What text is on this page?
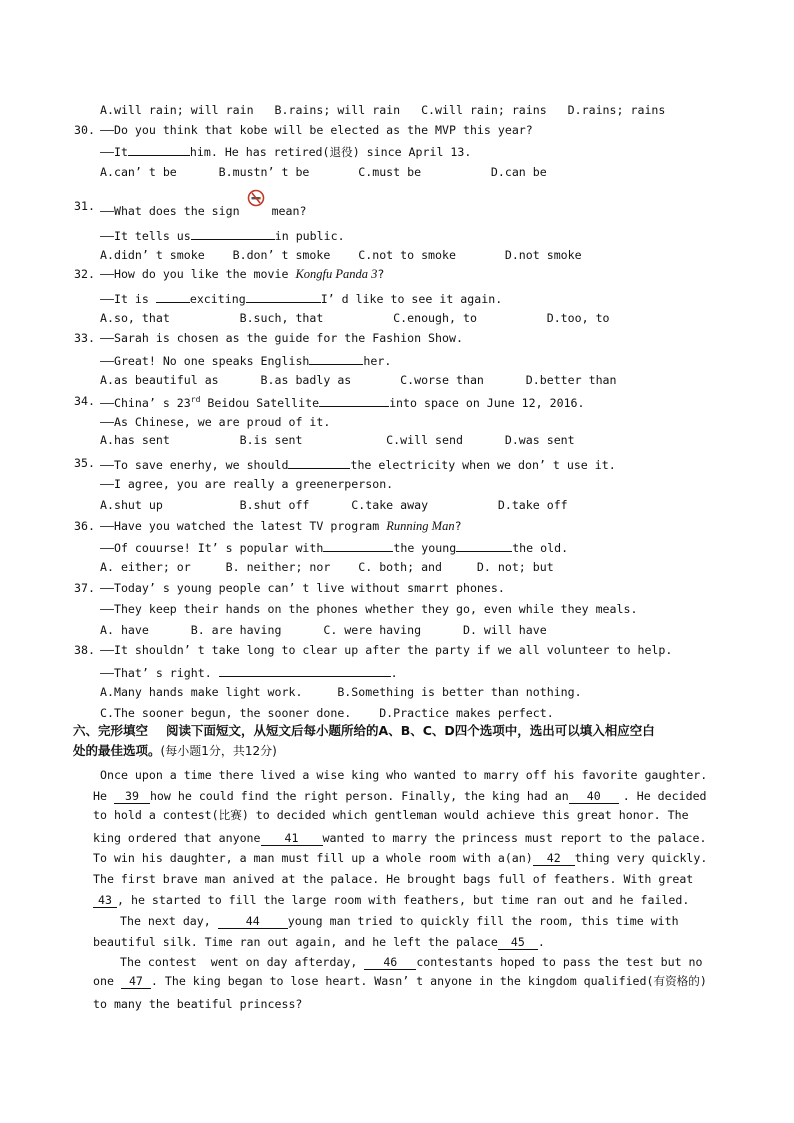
A.will rain; will rain   B.rains; will rain   C.will rain; rains   D.rains; rains
30. ——Do you think that kobe will be elected as the MVP this year?
——It	him. He has retired(退役) since April 13.
A.can’ t be      B.mustn’ t be       C.must be          D.can be
31. ——What does the sign  mean?
——It tells us	in public.
A.didn’ t smoke    B.don’ t smoke    C.not to smoke       D.not smoke
32. ——How do you like the movie Kongfu Panda 3?
——It is	exciting	I’ d like to see it again.
A.so, that          B.such, that          C.enough, to          D.too, to
33. ——Sarah is chosen as the guide for the Fashion Show.
——Great! No one speaks English	her.
A.as beautiful as      B.as badly as       C.worse than      D.better than
34. ——China’ s 23rd Beidou Satellite	into space on June 12, 2016.
——As Chinese, we are proud of it.
A.has sent          B.is sent            C.will send      D.was sent
35. ——To save enerhy, we should	the electricity when we don’ t use it.
——I agree, you are really a greenerperson.
A.shut up           B.shut off      C.take away          D.take off
36. ——Have you watched the latest TV program Running Man?
——Of couurse! It’ s popular with	the young	the old.
A. either; or     B. neither; nor    C. both; and     D. not; but
37. ——Today’ s young people can’ t live without smarrt phones.
——They keep their hands on the phones whether they go, even while they meals.
A. have      B. are having      C. were having      D. will have
38. ——It shouldn’ t take long to clear up after the party if we all volunteer to help.
——That’ s right.	.
A.Many hands make light work.     B.Something is better than nothing.
C.The sooner begun, the sooner done.    D.Practice makes perfect.
六、完形填空 阅读下面短文，从短文后每小题所给的A、B、C、D四个选项中，选出可以填入相应空白
处的最佳选项。(每小题1分，共12分)
Once upon a time there lived a wise king who wanted to marry off his favorite gaughter.
He 39 how he could find the right person. Finally, the king had an 40 . He decided
to hold a contest(比赛) to decided which gentleman would achieve this great honor. The
king ordered that anyone 41 wanted to marry the princess must report to the palace.
To win his daughter, a man must fill up a whole room with a(an) 42 thing very quickly.
The first brave man anived at the palace. He brought bags full of feathers. With great
43 , he started to fill the large room with feathers, but time ran out and he failed.
The next day, 44 young man tried to quickly fill the room, this time with
beautiful silk. Time ran out again, and he left the palace 45 .
The contest  went on day afterday, 46 contestants hoped to pass the test but no
one 47 . The king began to lose heart. Wasn’ t anyone in the kingdom qualified(有资格的)
to many the beatiful princess?
